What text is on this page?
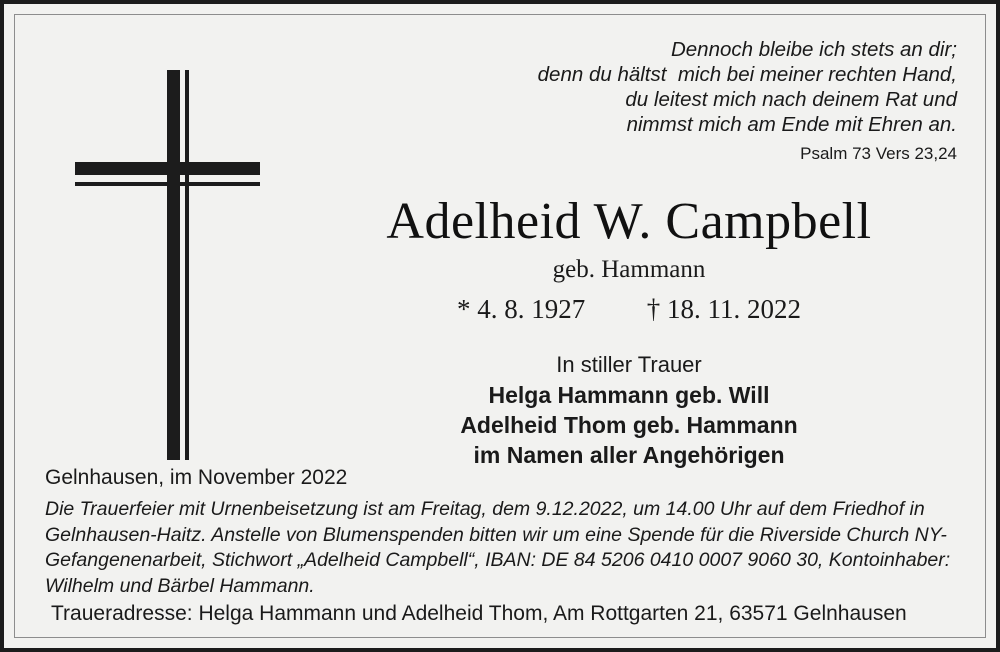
Dennoch bleibe ich stets an dir;
denn du hältst  mich bei meiner rechten Hand,
du leitest mich nach deinem Rat und
nimmst mich am Ende mit Ehren an.
Psalm 73 Vers 23,24
Adelheid W. Campbell
geb. Hammann
* 4. 8. 1927 † 18. 11. 2022
In stiller Trauer
Helga Hammann geb. Will
Adelheid Thom geb. Hammann
im Namen aller Angehörigen
Gelnhausen, im November 2022
Die Trauerfeier mit Urnenbeisetzung ist am Freitag, dem 9.12.2022, um 14.00 Uhr auf dem Friedhof in Gelnhausen-Haitz. Anstelle von Blumenspenden bitten wir um eine Spende für die Riverside Church NY-Gefangenenarbeit, Stichwort „Adelheid Campbell“, IBAN: DE 84 5206 0410 0007 9060 30, Kontoinhaber: Wilhelm und Bärbel Hammann.
Traueradresse: Helga Hammann und Adelheid Thom, Am Rottgarten 21, 63571 Gelnhausen
